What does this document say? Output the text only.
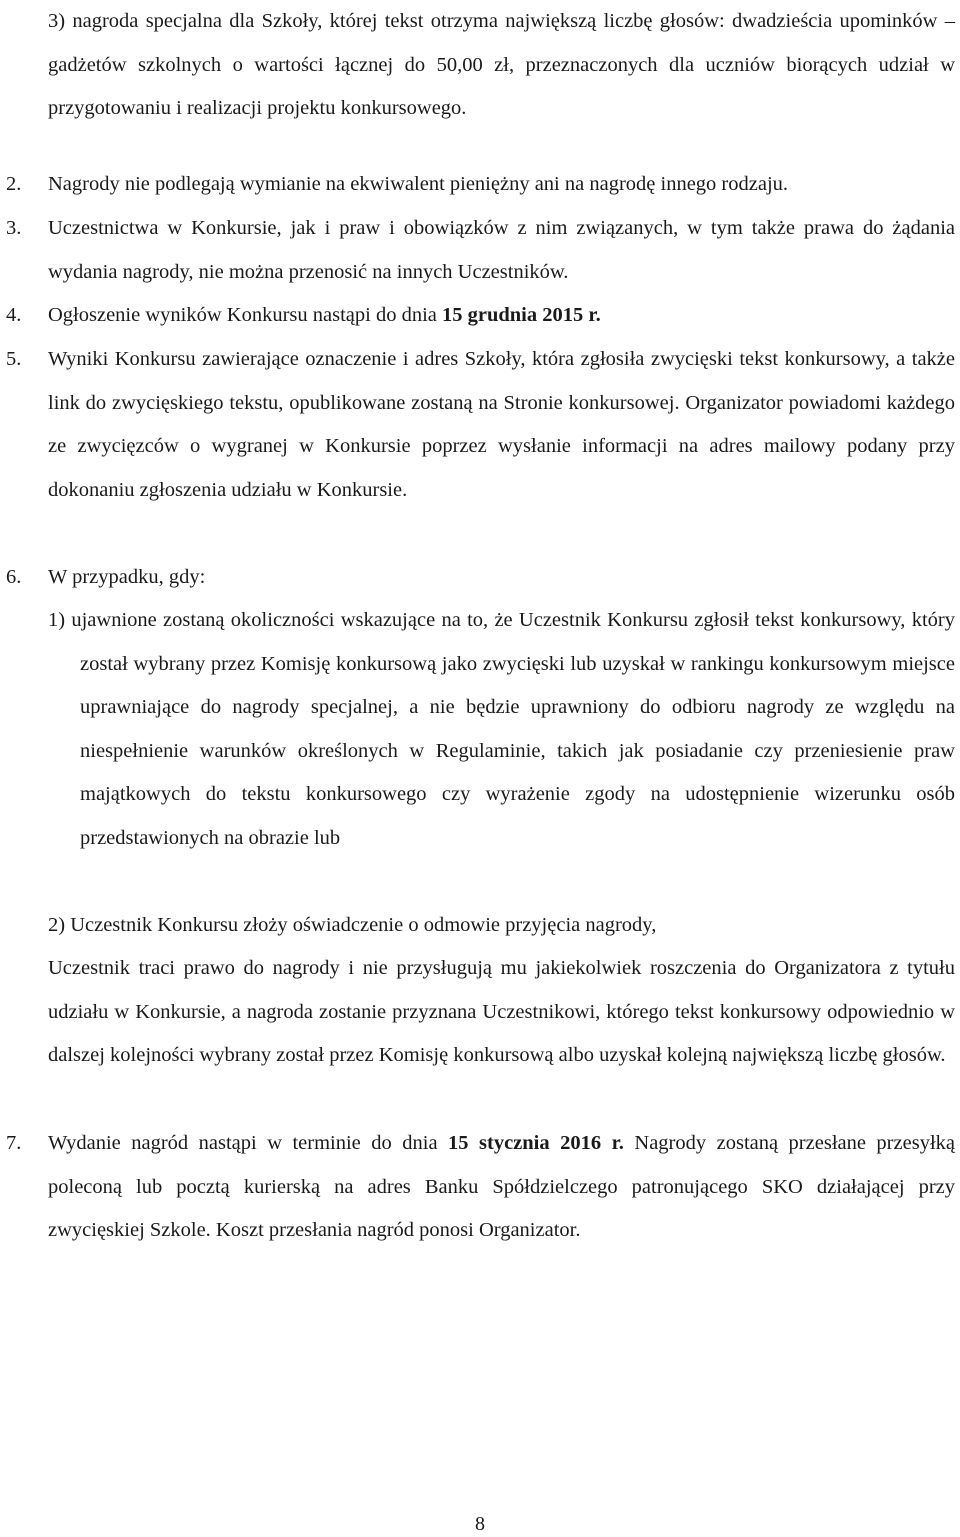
3) nagroda specjalna dla Szkoły, której tekst otrzyma największą liczbę głosów: dwadzieścia upominków – gadżetów szkolnych o wartości łącznej do 50,00 zł, przeznaczonych dla uczniów biorących udział w przygotowaniu i realizacji projektu konkursowego.
2.	Nagrody nie podlegają wymianie na ekwiwalent pieniężny ani na nagrodę innego rodzaju.
3.	Uczestnictwa w Konkursie, jak i praw i obowiązków z nim związanych, w tym także prawa do żądania wydania nagrody, nie można przenosić na innych Uczestników.
4.	Ogłoszenie wyników Konkursu nastąpi do dnia 15 grudnia 2015 r.
5.	Wyniki Konkursu zawierające oznaczenie i adres Szkoły, która zgłosiła zwycięski tekst konkursowy, a także link do zwycięskiego tekstu, opublikowane zostaną na Stronie konkursowej. Organizator powiadomi każdego ze zwycięzców o wygranej w Konkursie poprzez wysłanie informacji na adres mailowy podany przy dokonaniu zgłoszenia udziału w Konkursie.
6.	W przypadku, gdy:
1) ujawnione zostaną okoliczności wskazujące na to, że Uczestnik Konkursu zgłosił tekst konkursowy, który został wybrany przez Komisję konkursową jako zwycięski lub uzyskał w rankingu konkursowym miejsce uprawniające do nagrody specjalnej, a nie będzie uprawniony do odbioru nagrody ze względu na niespełnienie warunków określonych w Regulaminie, takich jak posiadanie czy przeniesienie praw majątkowych do tekstu konkursowego czy wyrażenie zgody na udostępnienie wizerunku osób przedstawionych na obrazie lub
2) Uczestnik Konkursu złoży oświadczenie o odmowie przyjęcia nagrody,
Uczestnik traci prawo do nagrody i nie przysługują mu jakiekolwiek roszczenia do Organizatora z tytułu udziału w Konkursie, a nagroda zostanie przyznana Uczestnikowi, którego tekst konkursowy odpowiednio w dalszej kolejności wybrany został przez Komisję konkursową albo uzyskał kolejną największą liczbę głosów.
7.	Wydanie nagród nastąpi w terminie do dnia 15 stycznia 2016 r. Nagrody zostaną przesłane przesyłką poleconą lub pocztą kurierską na adres Banku Spółdzielczego patronującego SKO działającej przy zwycięskiej Szkole. Koszt przesłania nagród ponosi Organizator.
8
